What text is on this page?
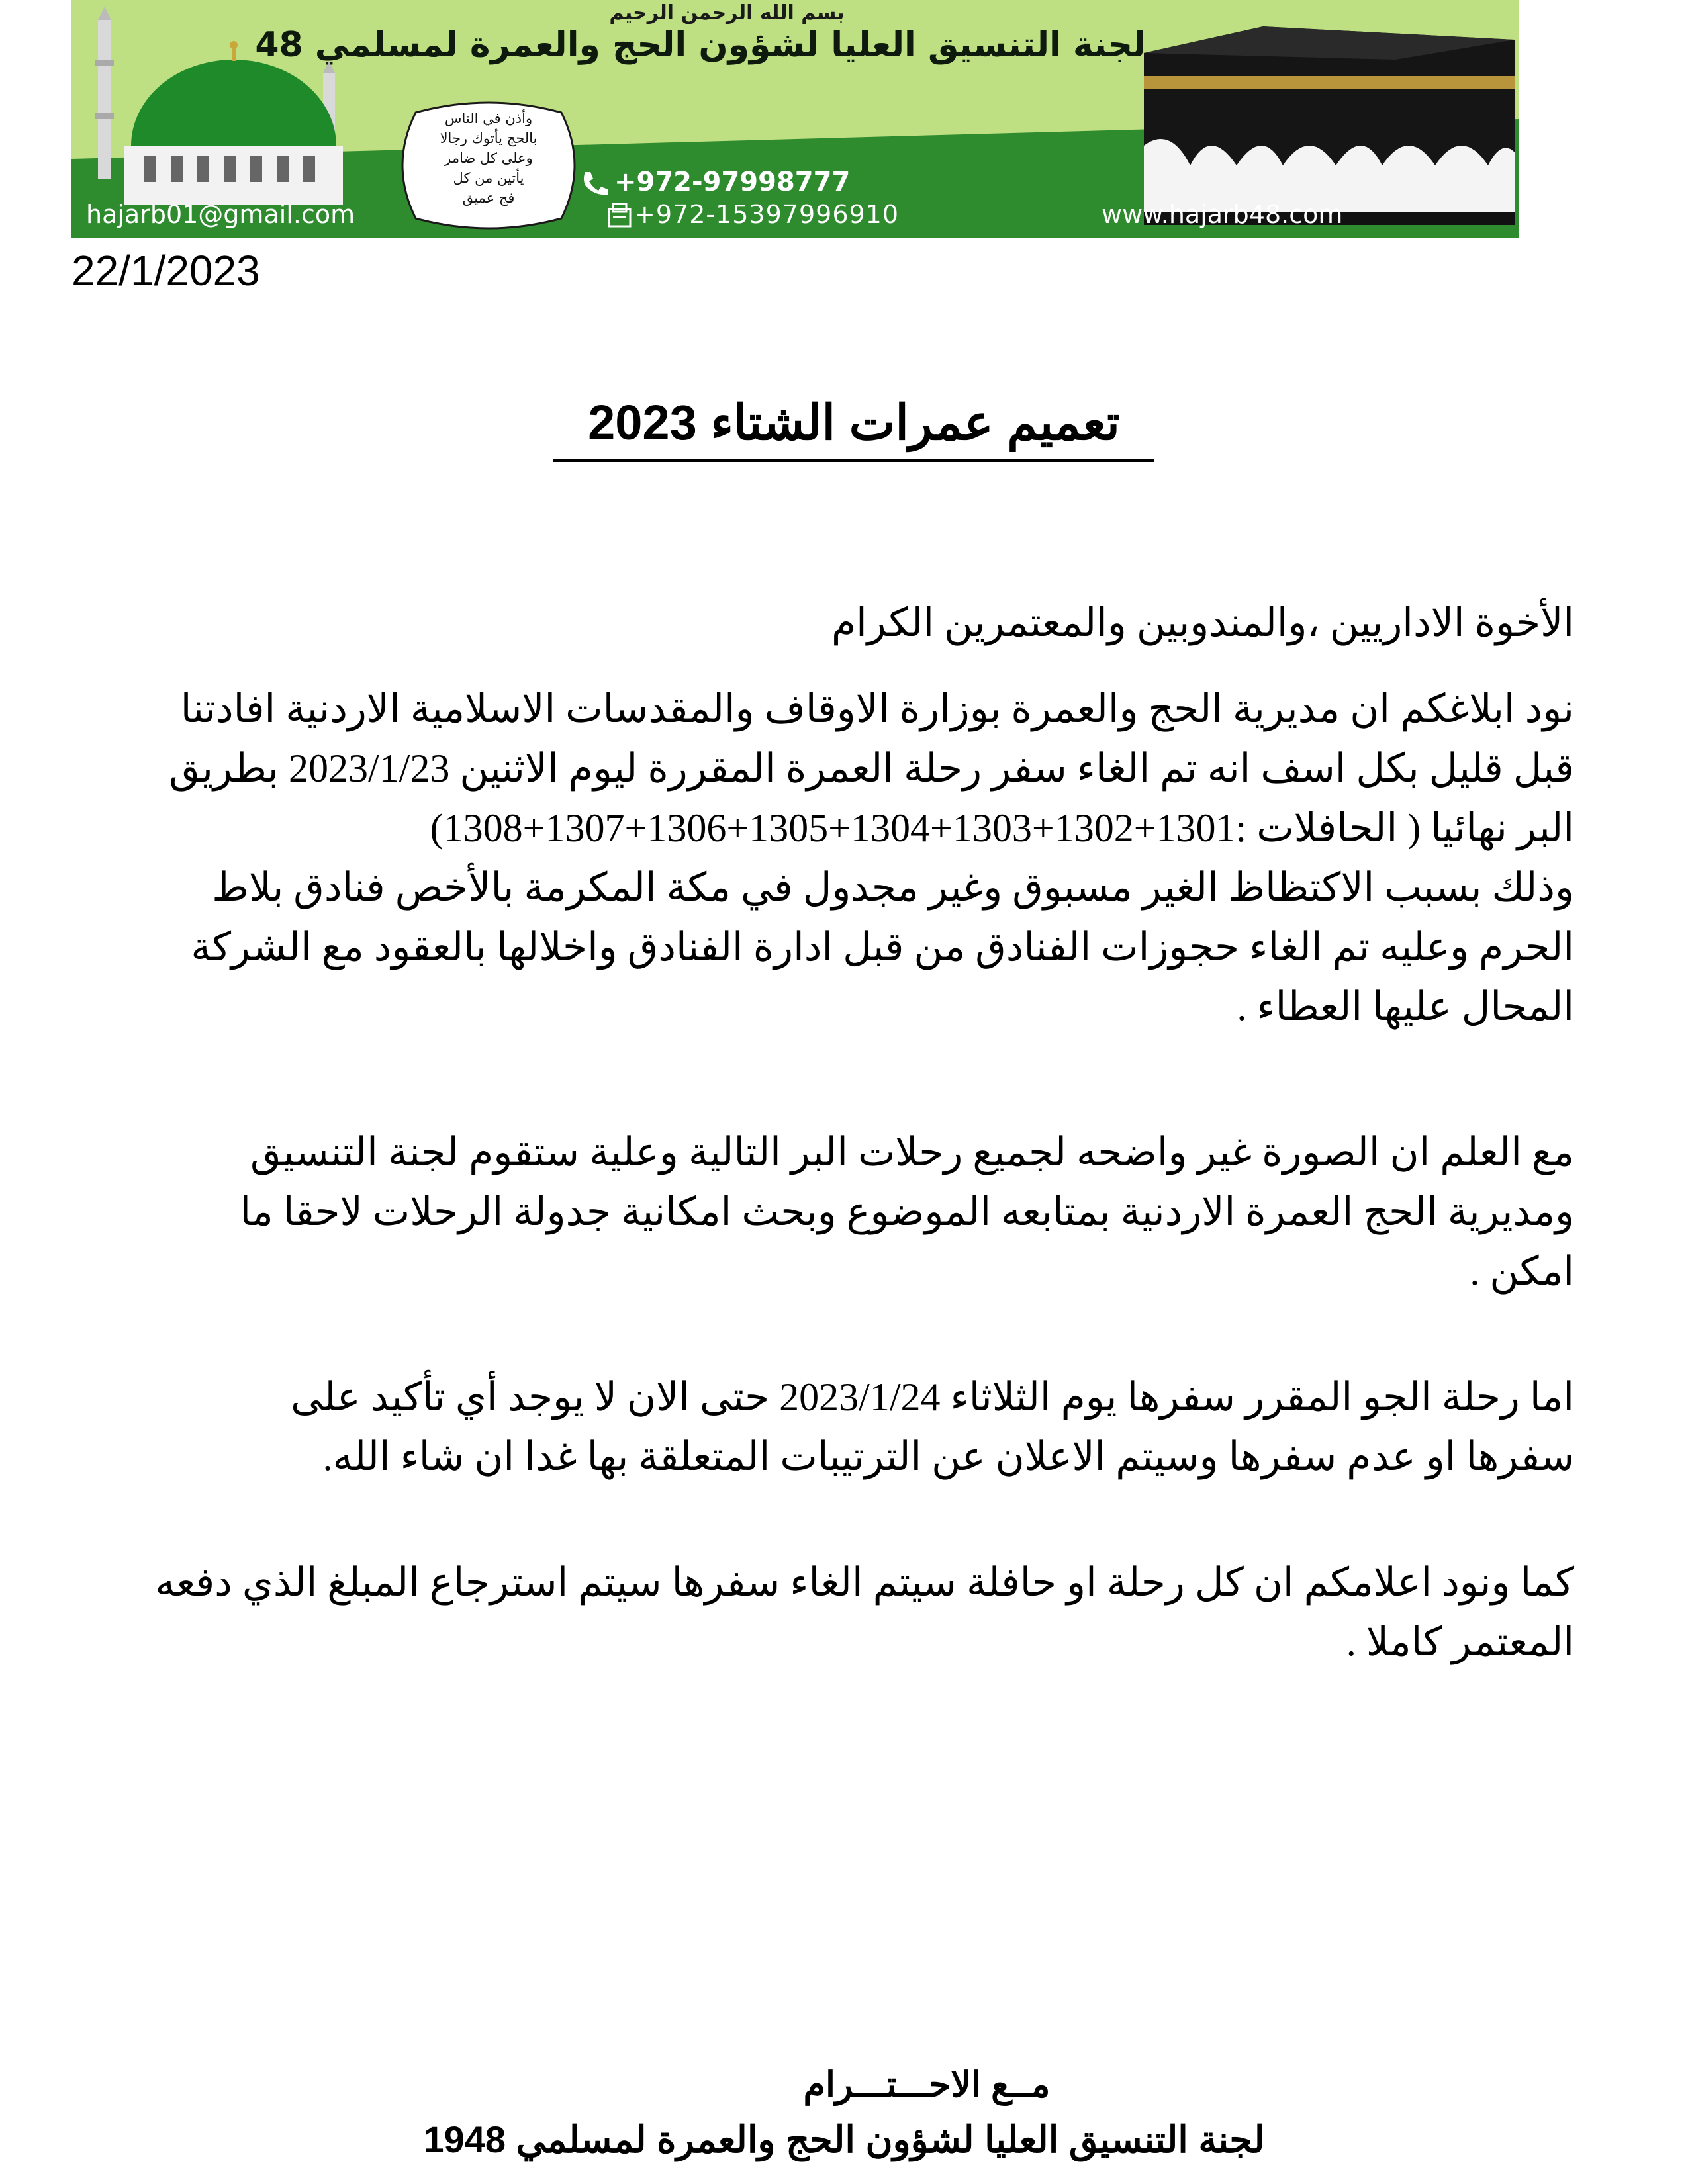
بسم الله الرحمن الرحيم
لجنة التنسيق العليا لشؤون الحج والعمرة لمسلمي 48
وأذن في الناس
بالحج يأتوك رجالا
وعلى كل ضامر
يأتين من كل
فج عميق
+972-97998777
hajarb01@gmail.com	+972-15397996910	www.hajarb48.com
22/1/2023
تعميم عمرات الشتاء 2023
الأخوة الاداريين ،والمندوبين والمعتمرين الكرام
نود ابلاغكم ان مديرية الحج والعمرة بوزارة الاوقاف والمقدسات الاسلامية الاردنية افادتنا
قبل قليل بكل اسف انه تم الغاء سفر رحلة العمرة المقررة ليوم الاثنين 2023/1/23 بطريق
البر نهائيا ( الحافلات :1301+1302+1303+1304+1305+1306+1307+1308)
وذلك بسبب الاكتظاظ الغير مسبوق وغير مجدول في مكة المكرمة بالأخص فنادق بلاط
الحرم وعليه تم الغاء حجوزات الفنادق من قبل ادارة الفنادق واخلالها بالعقود مع الشركة
المحال عليها العطاء .
مع العلم ان الصورة غير واضحه لجميع رحلات البر التالية وعلية ستقوم لجنة التنسيق
ومديرية الحج العمرة الاردنية بمتابعه الموضوع وبحث امكانية جدولة الرحلات لاحقا ما
امكن .
اما رحلة الجو المقرر سفرها يوم الثلاثاء 2023/1/24 حتى الان لا يوجد أي تأكيد على
سفرها او عدم سفرها وسيتم الاعلان عن الترتيبات المتعلقة بها غدا ان شاء الله.
كما ونود اعلامكم ان كل رحلة او حافلة سيتم الغاء سفرها سيتم استرجاع المبلغ الذي دفعه
المعتمر كاملا .
مــع الاحـــتـــرام
لجنة التنسيق العليا لشؤون الحج والعمرة لمسلمي 1948
